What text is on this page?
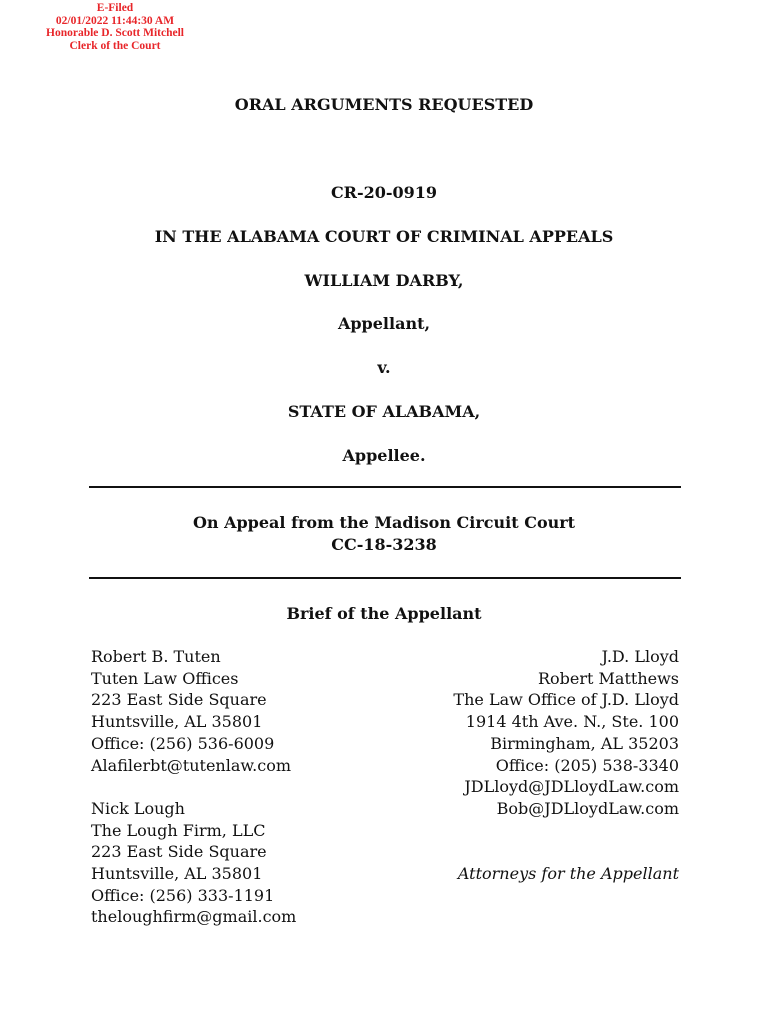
E-Filed
02/01/2022 11:44:30 AM
Honorable D. Scott Mitchell
Clerk of the Court
ORAL ARGUMENTS REQUESTED
CR-20-0919
IN THE ALABAMA COURT OF CRIMINAL APPEALS
WILLIAM DARBY,
Appellant,
v.
STATE OF ALABAMA,
Appellee.
On Appeal from the Madison Circuit Court
CC-18-3238
Brief of the Appellant
Robert B. Tuten
Tuten Law Offices
223 East Side Square
Huntsville, AL 35801
Office: (256) 536-6009
Alafilerbt@tutenlaw.com

Nick Lough
The Lough Firm, LLC
223 East Side Square
Huntsville, AL 35801
Office: (256) 333-1191
theloughfirm@gmail.com
J.D. Lloyd
Robert Matthews
The Law Office of J.D. Lloyd
1914 4th Ave. N., Ste. 100
Birmingham, AL 35203
Office: (205) 538-3340
JDLloyd@JDLloydLaw.com
Bob@JDLloydLaw.com

Attorneys for the Appellant
